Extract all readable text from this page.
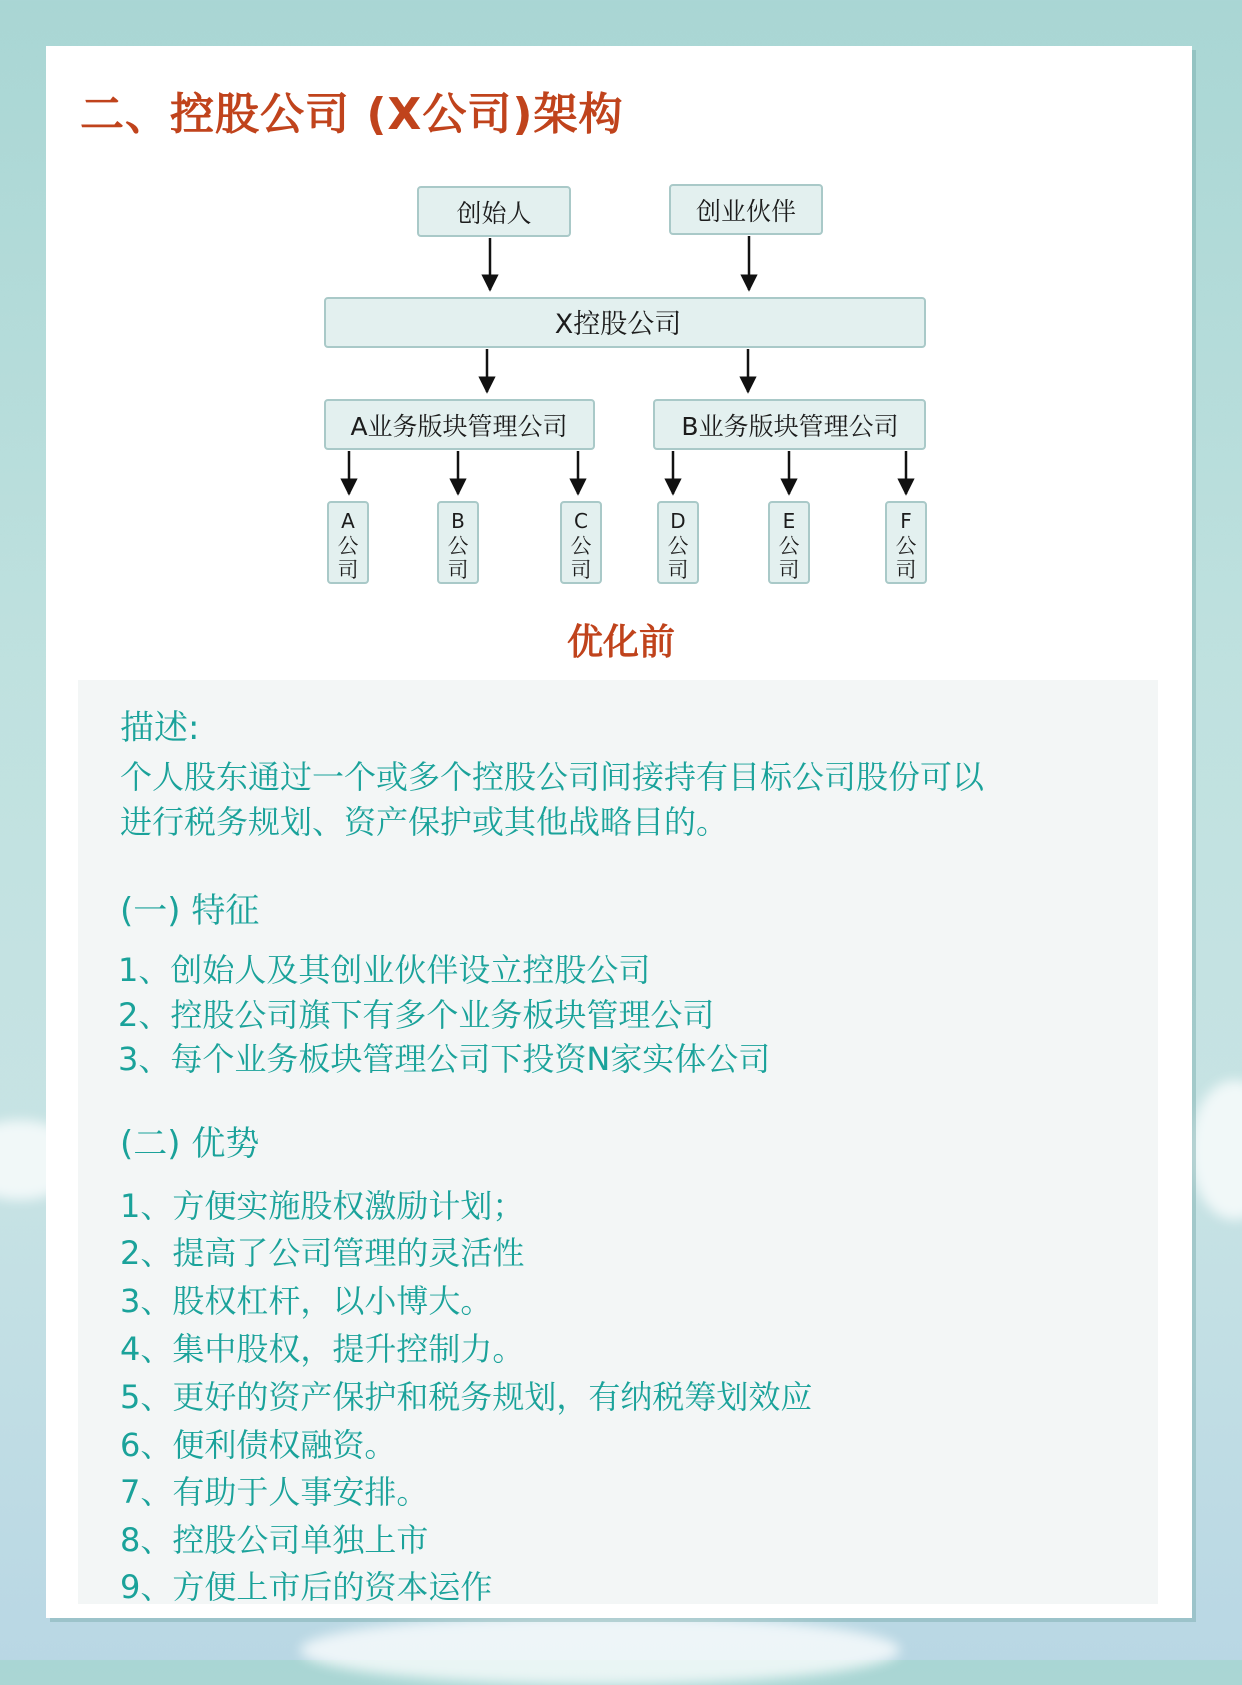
二、控股公司 (X公司)架构
创始人	创业伙伴
X控股公司
A业务版块管理公司	B业务版块管理公司
A
公
司
B
公
司
C
公
司
D
公
司
E
公
司
F
公
司
优化前

描述:

个人股东通过一个或多个控股公司间接持有目标公司股份可以

进行税务规划、资产保护或其他战略目的。

(一) 特征

1、创始人及其创业伙伴设立控股公司

2、控股公司旗下有多个业务板块管理公司

3、每个业务板块管理公司下投资N家实体公司

(二) 优势

1、方便实施股权激励计划；

2、提高了公司管理的灵活性

3、股权杠杆，以小博大。

4、集中股权，提升控制力。

5、更好的资产保护和税务规划，有纳税筹划效应

6、便利债权融资。

7、有助于人事安排。

8、控股公司单独上市

9、方便上市后的资本运作
